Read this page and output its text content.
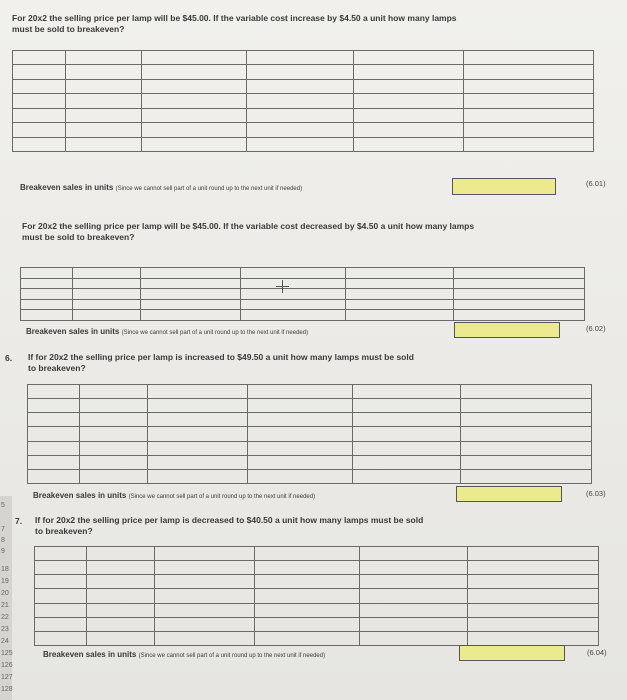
For 20x2 the selling price per lamp will be $45.00. If the variable cost increase by $4.50 a unit how many lamps
must be sold to breakeven?

Breakeven sales in units (Since we cannot sell part of a unit round up to the next unit if needed)
(6.01)
For 20x2 the selling price per lamp will be $45.00. If the variable cost decreased by $4.50 a unit how many lamps
must be sold to breakeven?

Breakeven sales in units (Since we cannot sell part of a unit round up to the next unit if needed)	(6.02)
6. If for 20x2 the selling price per lamp is increased to $49.50 a unit how many lamps must be sold
to breakeven?

Breakeven sales in units (Since we cannot sell part of a unit round up to the next unit if needed)	(6.03)
5
7
8
9
18
19
20
21
22
23
24
125
126
127
128
7. If for 20x2 the selling price per lamp is decreased to $40.50 a unit how many lamps must be sold
to breakeven?

Breakeven sales in units (Since we cannot sell part of a unit round up to the next unit if needed)	(6.04)
